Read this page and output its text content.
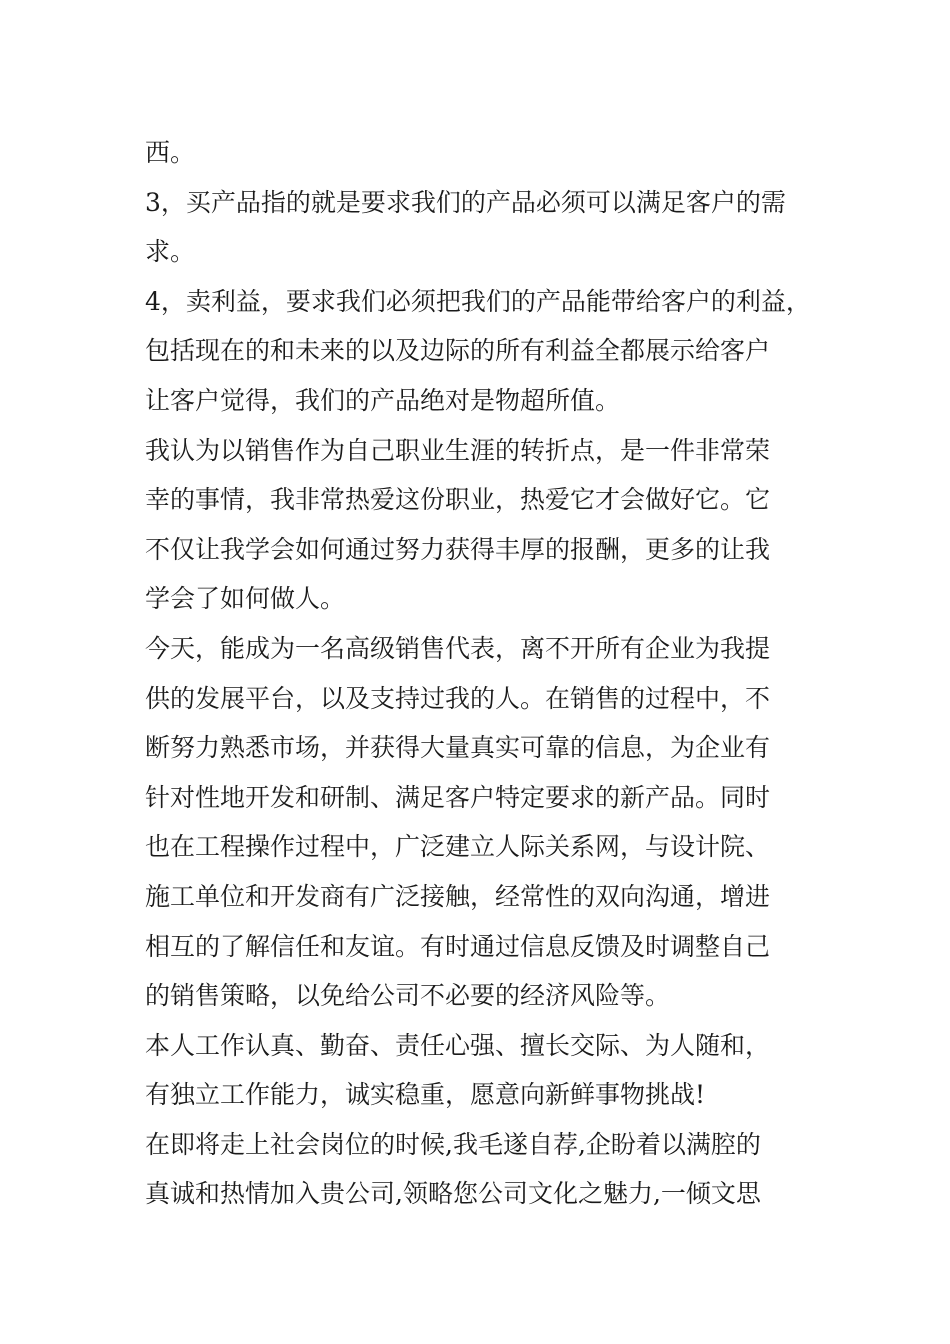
西。
3，买产品指的就是要求我们的产品必须可以满足客户的需
求。
4，卖利益，要求我们必须把我们的产品能带给客户的利益，
包括现在的和未来的以及边际的所有利益全都展示给客户
让客户觉得，我们的产品绝对是物超所值。
我认为以销售作为自己职业生涯的转折点，是一件非常荣
幸的事情，我非常热爱这份职业，热爱它才会做好它。它
不仅让我学会如何通过努力获得丰厚的报酬，更多的让我
学会了如何做人。
今天，能成为一名高级销售代表，离不开所有企业为我提
供的发展平台，以及支持过我的人。在销售的过程中，不
断努力熟悉市场，并获得大量真实可靠的信息，为企业有
针对性地开发和研制、满足客户特定要求的新产品。同时
也在工程操作过程中，广泛建立人际关系网，与设计院、
施工单位和开发商有广泛接触，经常性的双向沟通，增进
相互的了解信任和友谊。有时通过信息反馈及时调整自己
的销售策略，以免给公司不必要的经济风险等。
本人工作认真、勤奋、责任心强、擅长交际、为人随和，
有独立工作能力，诚实稳重，愿意向新鲜事物挑战!
在即将走上社会岗位的时候,我毛遂自荐,企盼着以满腔的
真诚和热情加入贵公司,领略您公司文化之魅力,一倾文思
